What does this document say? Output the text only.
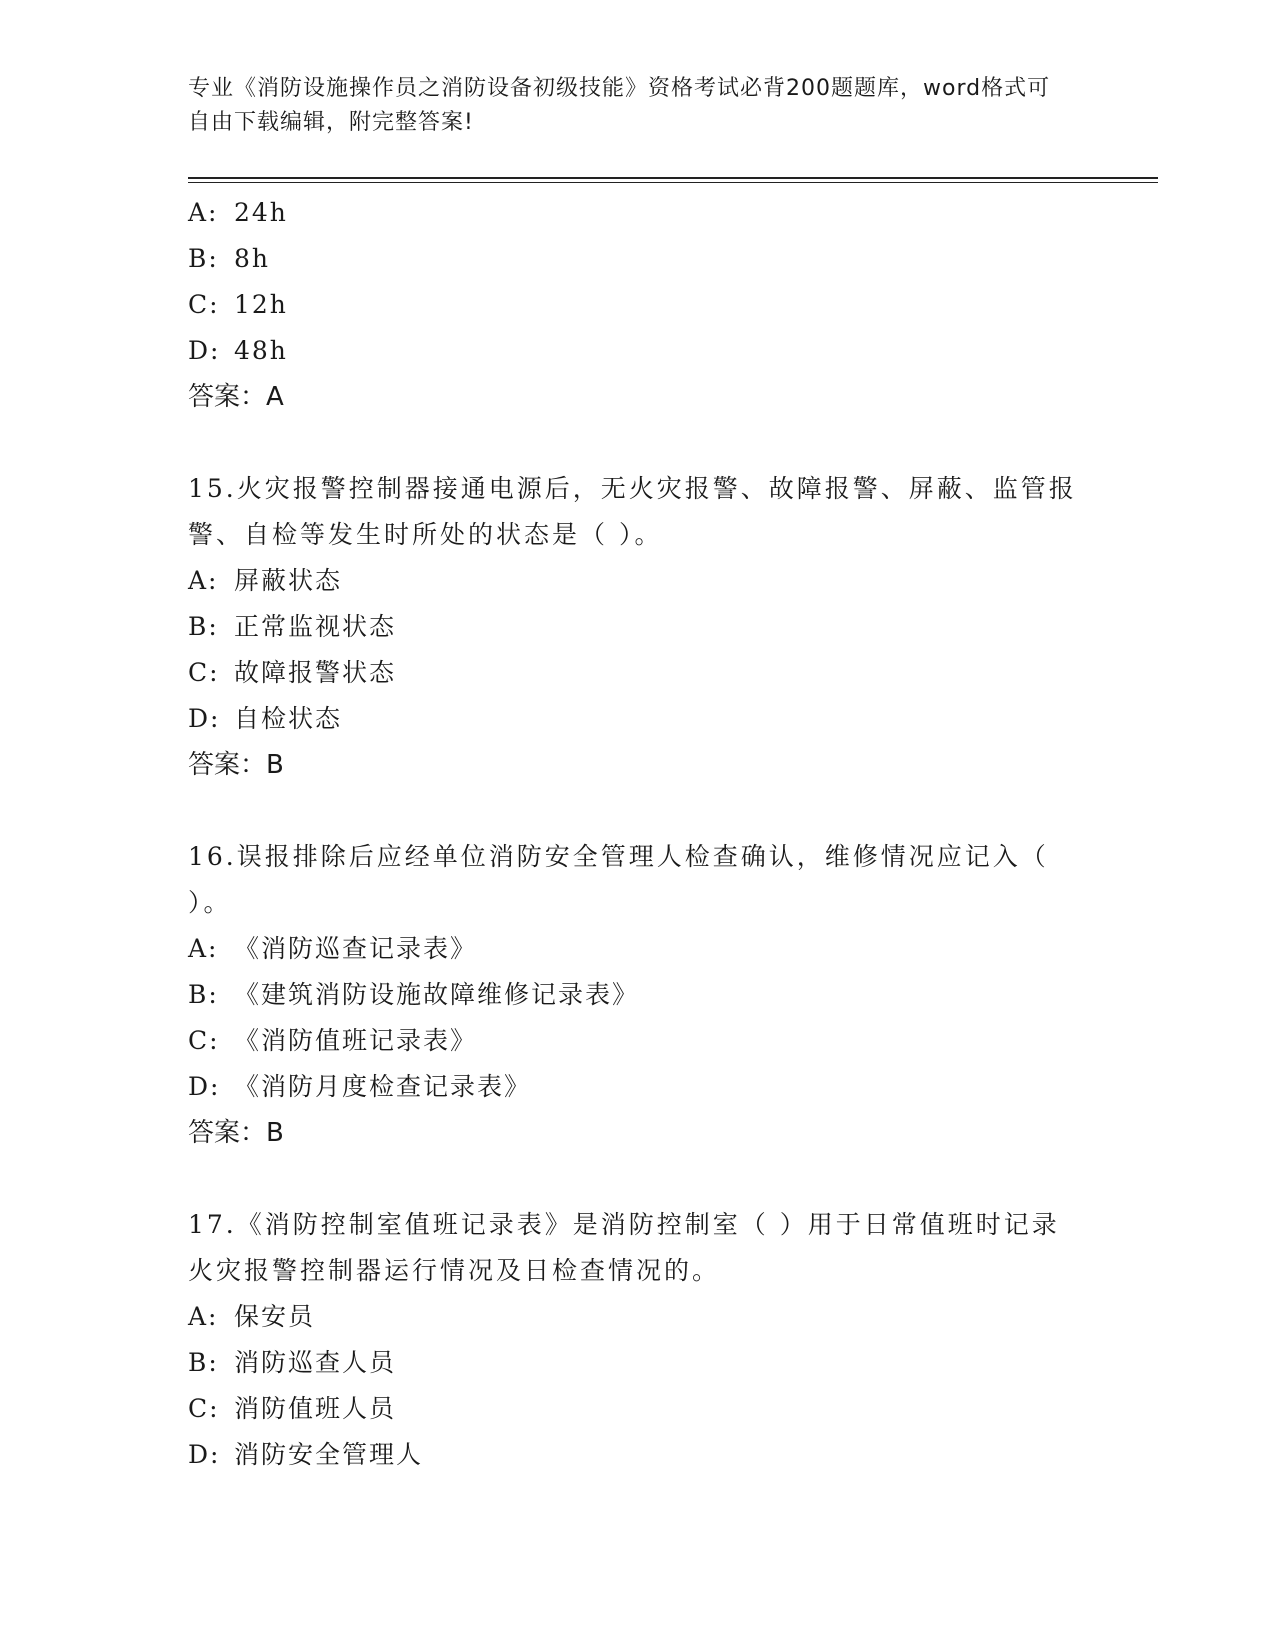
专业《消防设施操作员之消防设备初级技能》资格考试必背200题题库，word格式可自由下载编辑，附完整答案!
A: 24h
B: 8h
C: 12h
D: 48h
答案：A
15.火灾报警控制器接通电源后，无火灾报警、故障报警、屏蔽、监管报警、自检等发生时所处的状态是（ ）。
A: 屏蔽状态
B: 正常监视状态
C: 故障报警状态
D: 自检状态
答案：B
16.误报排除后应经单位消防安全管理人检查确认，维修情况应记入（ ）。
A: 《消防巡查记录表》
B: 《建筑消防设施故障维修记录表》
C: 《消防值班记录表》
D: 《消防月度检查记录表》
答案：B
17.《消防控制室值班记录表》是消防控制室（ ）用于日常值班时记录火灾报警控制器运行情况及日检查情况的。
A: 保安员
B: 消防巡查人员
C: 消防值班人员
D: 消防安全管理人
